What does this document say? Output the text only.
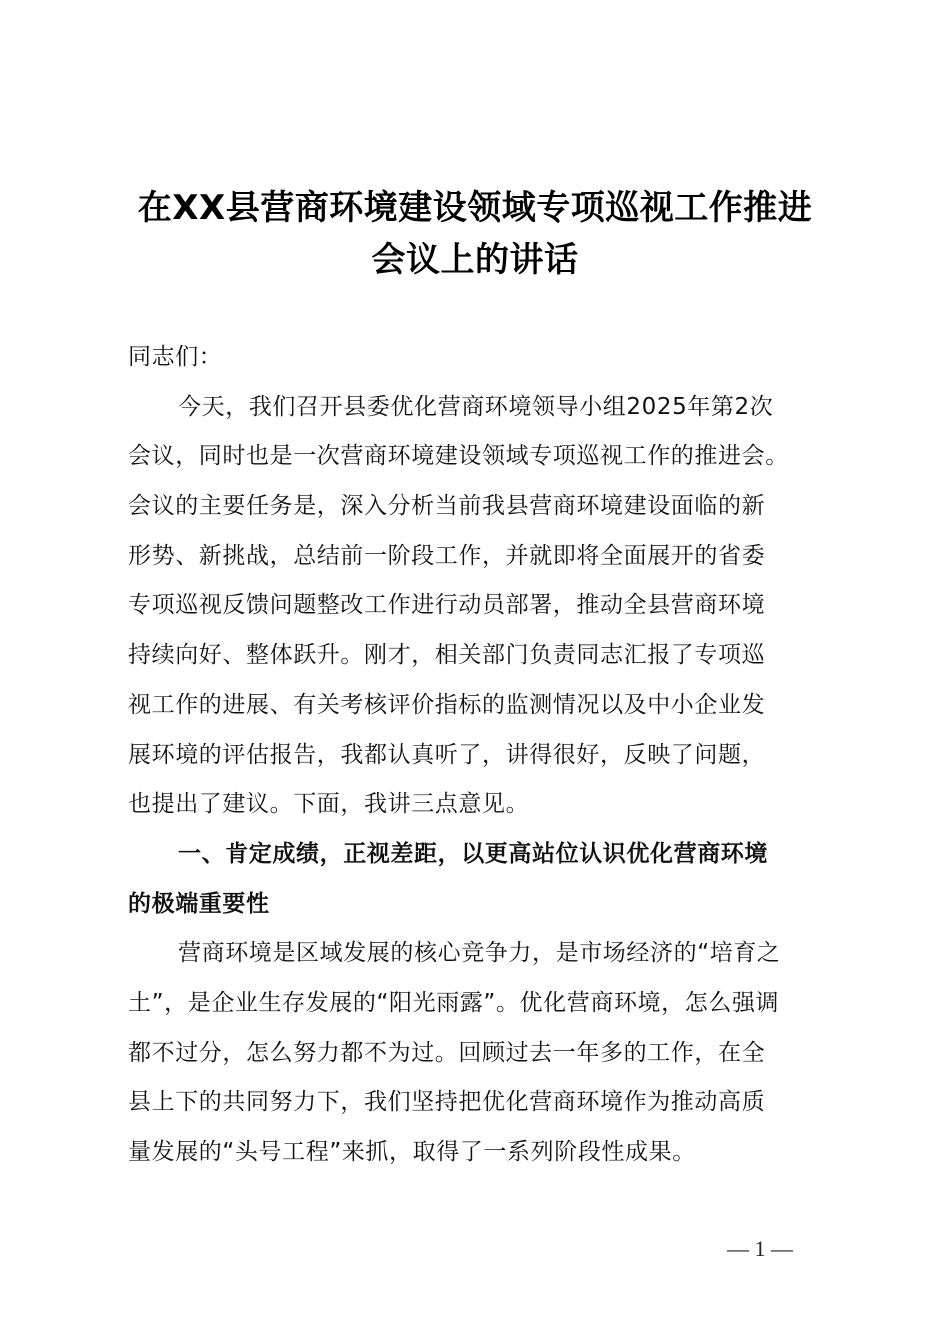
在XX县营商环境建设领域专项巡视工作推进
会议上的讲话
同志们：
今天，我们召开县委优化营商环境领导小组2025年第2次
会议，同时也是一次营商环境建设领域专项巡视工作的推进会。
会议的主要任务是，深入分析当前我县营商环境建设面临的新
形势、新挑战，总结前一阶段工作，并就即将全面展开的省委
专项巡视反馈问题整改工作进行动员部署，推动全县营商环境
持续向好、整体跃升。刚才，相关部门负责同志汇报了专项巡
视工作的进展、有关考核评价指标的监测情况以及中小企业发
展环境的评估报告，我都认真听了，讲得很好，反映了问题，
也提出了建议。下面，我讲三点意见。
一、肯定成绩，正视差距，以更高站位认识优化营商环境
的极端重要性
营商环境是区域发展的核心竞争力，是市场经济的“培育之
土”，是企业生存发展的“阳光雨露”。优化营商环境，怎么强调
都不过分，怎么努力都不为过。回顾过去一年多的工作，在全
县上下的共同努力下，我们坚持把优化营商环境作为推动高质
量发展的“头号工程”来抓，取得了一系列阶段性成果。
— 1 —
